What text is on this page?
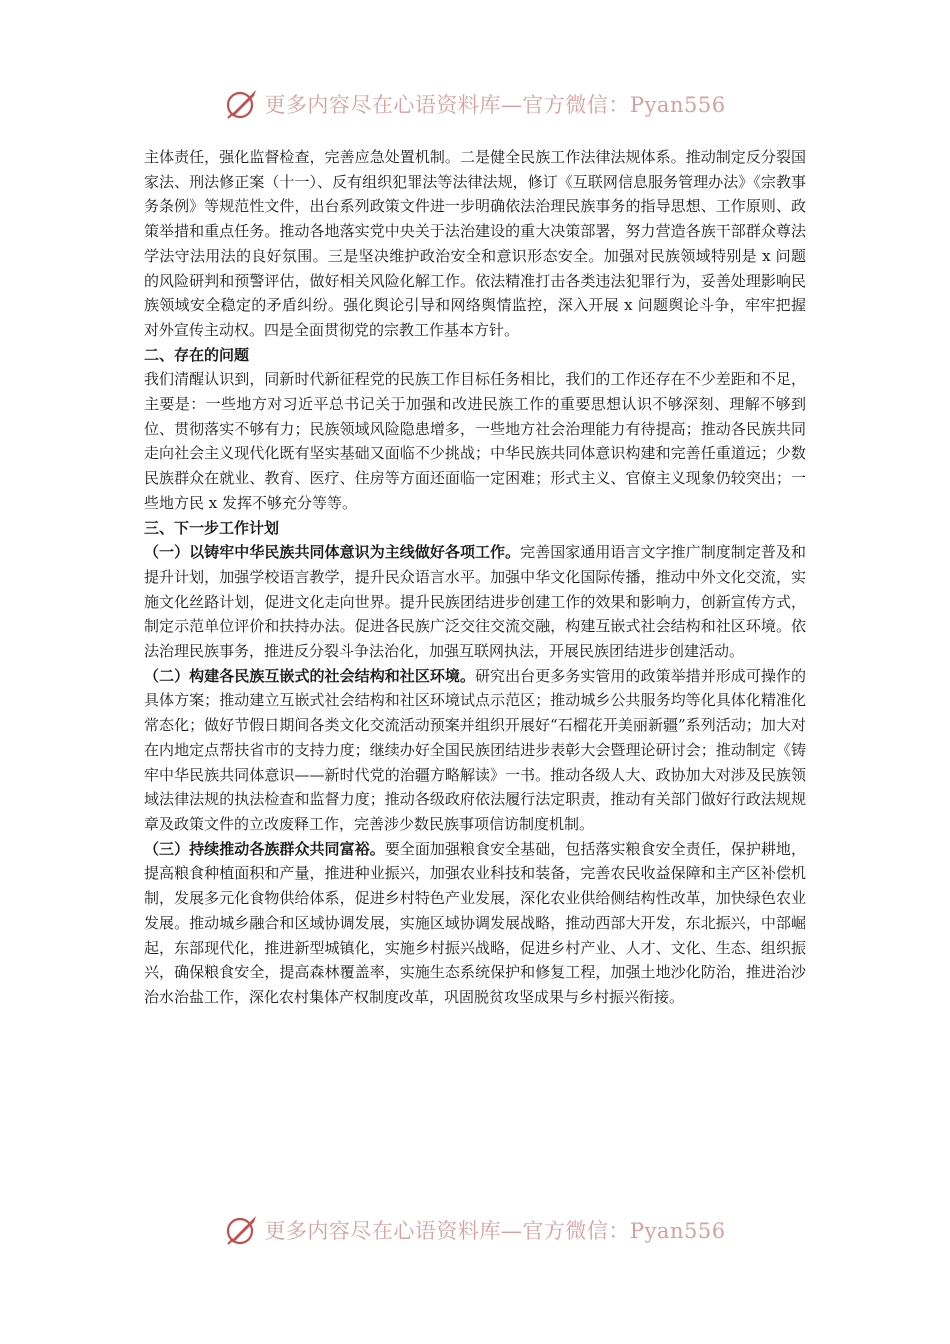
更多内容尽在心语资料库—官方微信：Pyan556

主体责任，强化监督检查，完善应急处置机制。二是健全民族工作法律法规体系。推动制定反分裂国家法、刑法修正案（十一）、反有组织犯罪法等法律法规，修订《互联网信息服务管理办法》《宗教事务条例》等规范性文件，出台系列政策文件进一步明确依法治理民族事务的指导思想、工作原则、政策举措和重点任务。推动各地落实党中央关于法治建设的重大决策部署，努力营造各族干部群众尊法学法守法用法的良好氛围。三是坚决维护政治安全和意识形态安全。加强对民族领域特别是 x 问题的风险研判和预警评估，做好相关风险化解工作。依法精准打击各类违法犯罪行为，妥善处理影响民族领域安全稳定的矛盾纠纷。强化舆论引导和网络舆情监控，深入开展 x 问题舆论斗争，牢牢把握对外宣传主动权。四是全面贯彻党的宗教工作基本方针。

二、存在的问题

我们清醒认识到，同新时代新征程党的民族工作目标任务相比，我们的工作还存在不少差距和不足，主要是：一些地方对习近平总书记关于加强和改进民族工作的重要思想认识不够深刻、理解不够到位、贯彻落实不够有力；民族领域风险隐患增多，一些地方社会治理能力有待提高；推动各民族共同走向社会主义现代化既有坚实基础又面临不少挑战；中华民族共同体意识构建和完善任重道远；少数民族群众在就业、教育、医疗、住房等方面还面临一定困难；形式主义、官僚主义现象仍较突出；一些地方民 x 发挥不够充分等等。

三、下一步工作计划

（一）以铸牢中华民族共同体意识为主线做好各项工作。完善国家通用语言文字推广制度制定普及和提升计划，加强学校语言教学，提升民众语言水平。加强中华文化国际传播，推动中外文化交流，实施文化丝路计划，促进文化走向世界。提升民族团结进步创建工作的效果和影响力，创新宣传方式，制定示范单位评价和扶持办法。促进各民族广泛交往交流交融，构建互嵌式社会结构和社区环境。依法治理民族事务，推进反分裂斗争法治化，加强互联网执法，开展民族团结进步创建活动。

（二）构建各民族互嵌式的社会结构和社区环境。研究出台更多务实管用的政策举措并形成可操作的具体方案；推动建立互嵌式社会结构和社区环境试点示范区；推动城乡公共服务均等化具体化精准化常态化；做好节假日期间各类文化交流活动预案并组织开展好“石榴花开美丽新疆”系列活动；加大对在内地定点帮扶省市的支持力度；继续办好全国民族团结进步表彰大会暨理论研讨会；推动制定《铸牢中华民族共同体意识——新时代党的治疆方略解读》一书。推动各级人大、政协加大对涉及民族领域法律法规的执法检查和监督力度；推动各级政府依法履行法定职责，推动有关部门做好行政法规规章及政策文件的立改废释工作，完善涉少数民族事项信访制度机制。

（三）持续推动各族群众共同富裕。要全面加强粮食安全基础，包括落实粮食安全责任，保护耕地，提高粮食种植面积和产量，推进种业振兴，加强农业科技和装备，完善农民收益保障和主产区补偿机制，发展多元化食物供给体系，促进乡村特色产业发展，深化农业供给侧结构性改革，加快绿色农业发展。推动城乡融合和区域协调发展，实施区域协调发展战略，推动西部大开发，东北振兴，中部崛起，东部现代化，推进新型城镇化，实施乡村振兴战略，促进乡村产业、人才、文化、生态、组织振兴，确保粮食安全，提高森林覆盖率，实施生态系统保护和修复工程，加强土地沙化防治，推进治沙治水治盐工作，深化农村集体产权制度改革，巩固脱贫攻坚成果与乡村振兴衔接。

更多内容尽在心语资料库—官方微信：Pyan556
